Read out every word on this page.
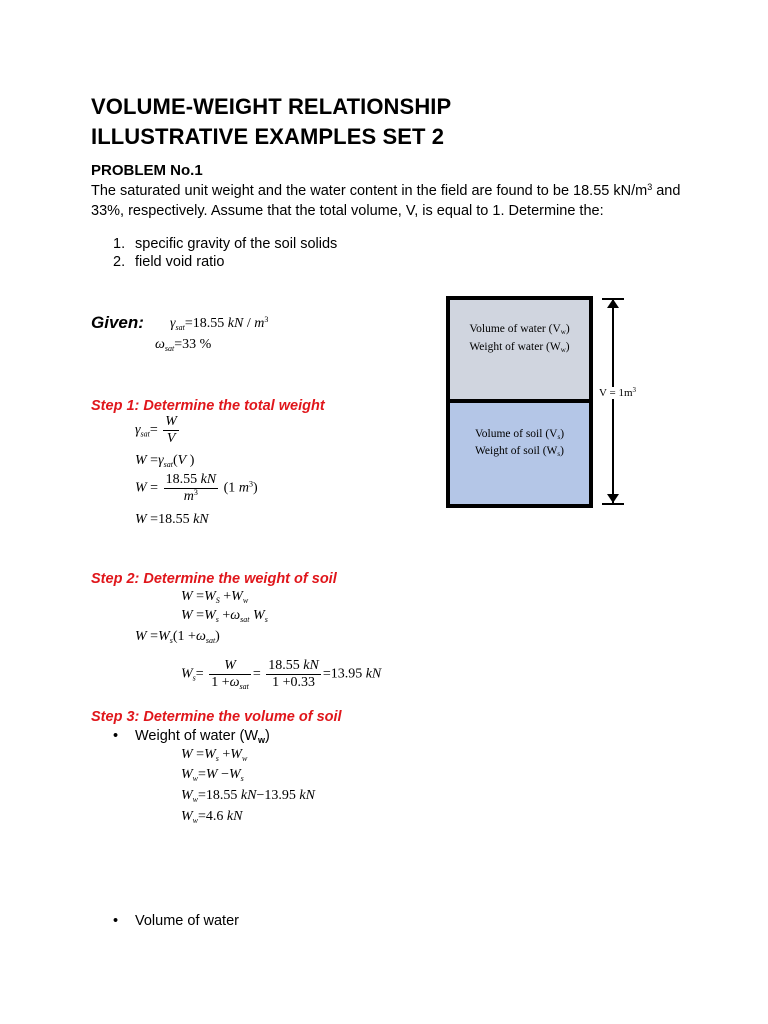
VOLUME-WEIGHT RELATIONSHIP
ILLUSTRATIVE EXAMPLES SET 2
PROBLEM No.1
The saturated unit weight and the water content in the field are found to be 18.55 $kN/m^3$ and 33%, respectively. Assume that the total volume, V, is equal to 1. Determine the:
1. specific gravity of the soil solids
2. field void ratio
Given: $\gamma_{sat}=18.55$ kN / $m^3$
$\omega_{sat}=33$ %
Step 1: Determine the total weight
$\gamma_{sat}= \frac{W}{V}$
$W =\gamma_{sat}(V$ )
$W = \frac{18.55 kN}{m^3} (1$ $m^3$)
W =18.55 kN
Step 2: Determine the weight of soil
$W =W_S +W_w$
$W =W_s +\omega_{sat}$ $W_s$
$W =W_s(1 +\omega_{sat})$
$W_s= \frac{W}{1 +\omega_{sat}} = \frac{18.55 kN}{1 +0.33} =13.95$ kN
Step 3: Determine the volume of soil
• Weight of water $(W_w)$
$W =W_s +W_w$
$W_w=W -W_s$
$W_w=18.55$ kN−13.95 kN
$W_w=4.6$ kN
• Volume of water
Volume of water $(V_w)$
Weight of water $(W_w)$
Volume of soil $(V_s)$
Weight of soil $(W_s)$
$V = 1m^3$
